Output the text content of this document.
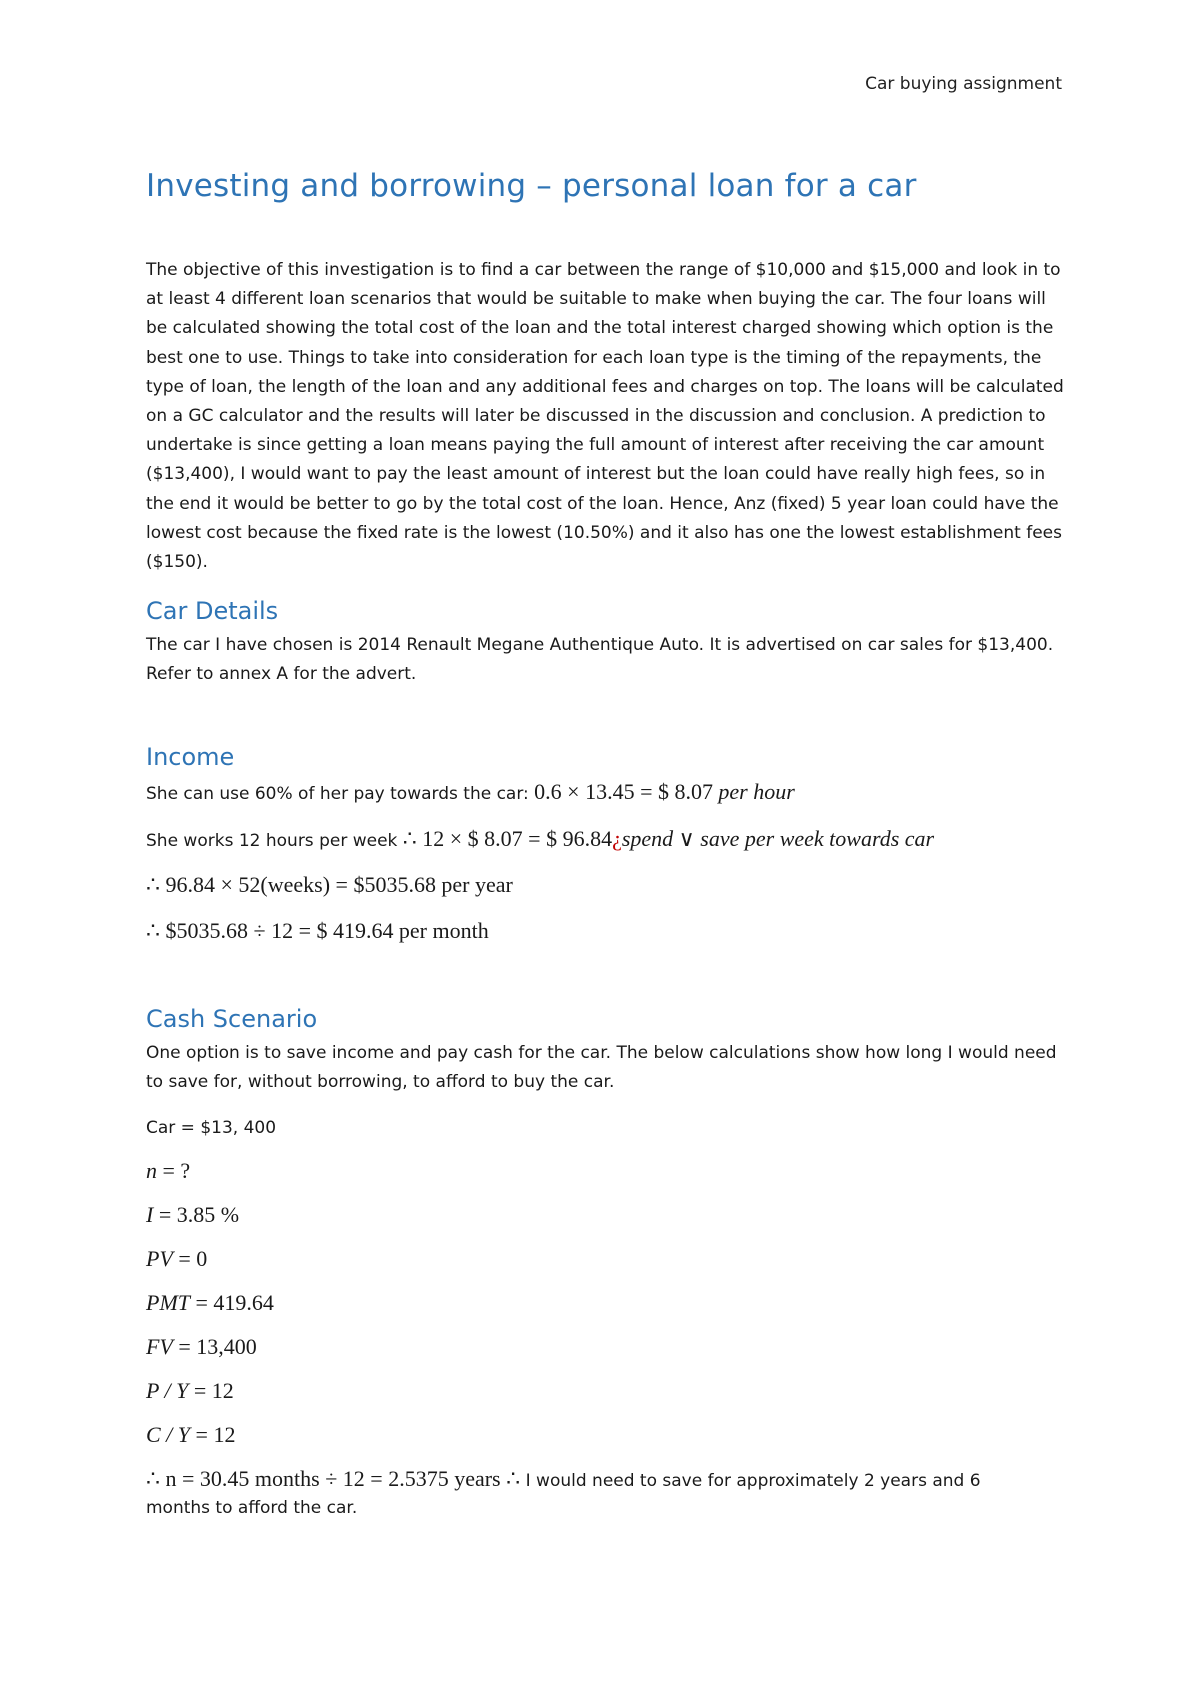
Car buying assignment
Investing and borrowing – personal loan for a car

The objective of this investigation is to find a car between the range of $10,000 and $15,000 and look in to at least 4 different loan scenarios that would be suitable to make when buying the car. The four loans will be calculated showing the total cost of the loan and the total interest charged showing which option is the best one to use. Things to take into consideration for each loan type is the timing of the repayments, the type of loan, the length of the loan and any additional fees and charges on top. The loans will be calculated on a GC calculator and the results will later be discussed in the discussion and conclusion. A prediction to undertake is since getting a loan means paying the full amount of interest after receiving the car amount ($13,400), I would want to pay the least amount of interest but the loan could have really high fees, so in the end it would be better to go by the total cost of the loan. Hence, Anz (fixed) 5 year loan could have the lowest cost because the fixed rate is the lowest (10.50%) and it also has one the lowest establishment fees ($150).

Car Details

The car I have chosen is 2014 Renault Megane Authentique Auto. It is advertised on car sales for $13,400. Refer to annex A for the advert.

Income
She can use 60% of her pay towards the car: 0.6 × 13.45 = $ 8.07 per hour
She works 12 hours per week ∴ 12 × $ 8.07 = $ 96.84¿spend ∨ save per week towards car
∴ 96.84 × 52(weeks) = $5035.68 per year
∴ $5035.68 ÷ 12 = $ 419.64 per month
Cash Scenario

One option is to save income and pay cash for the car. The below calculations show how long I would need to save for, without borrowing, to afford to buy the car.

Car = $13, 400
n = ?
I = 3.85 %
PV = 0
PMT = 419.64
FV = 13,400
P / Y = 12
C / Y = 12
∴ n = 30.45 months ÷ 12 = 2.5375 years ∴ I would need to save for approximately 2 years and 6
months to afford the car.
